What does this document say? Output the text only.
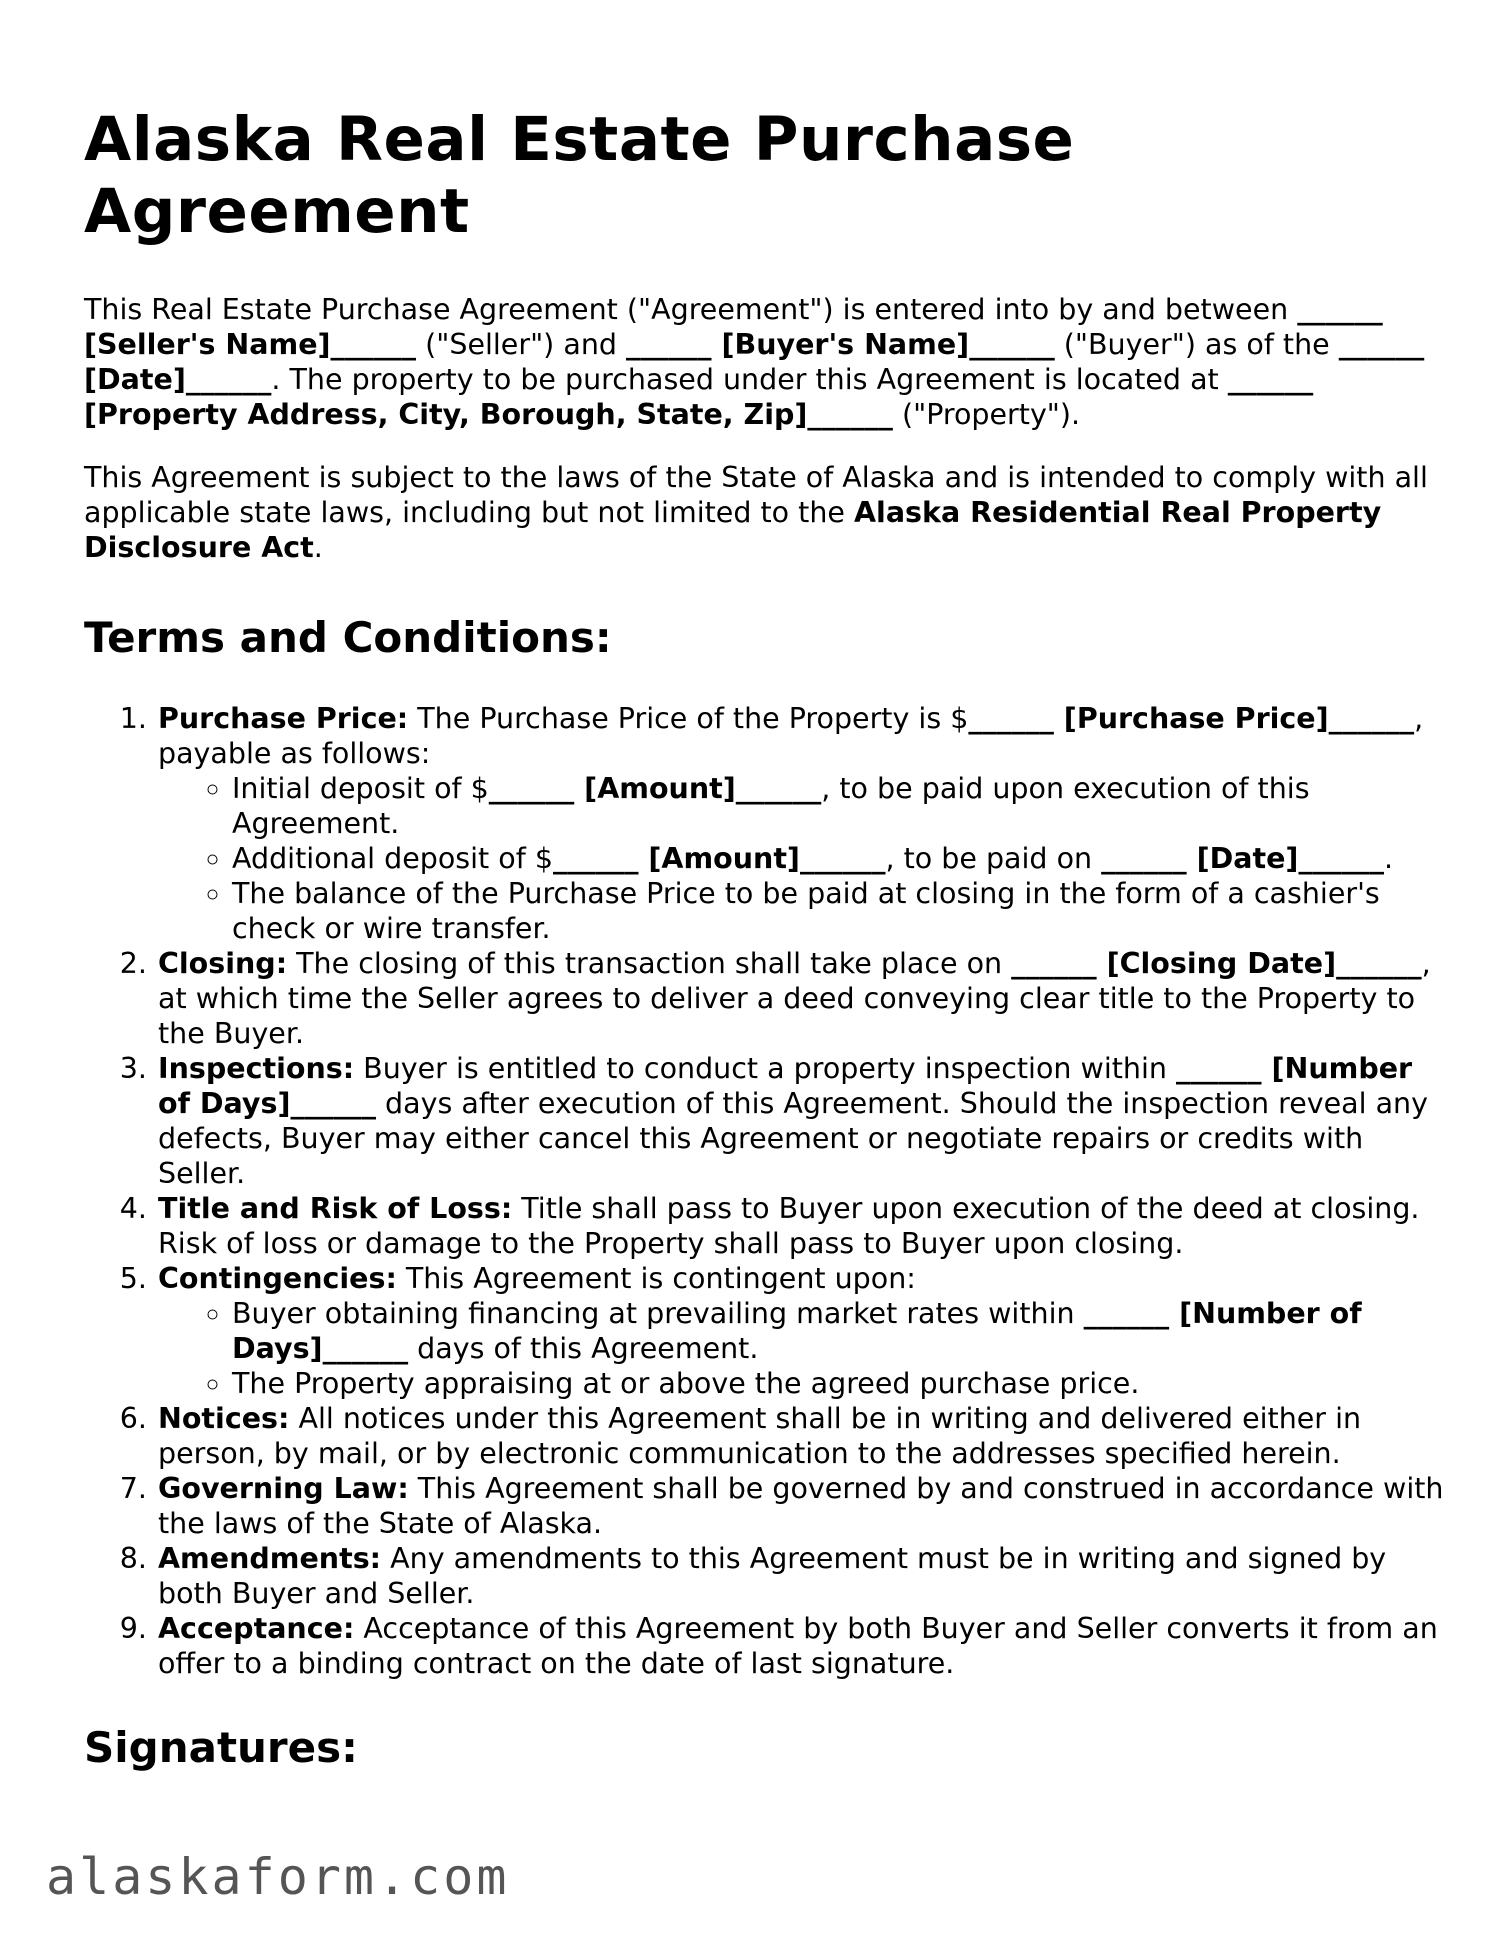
Alaska Real Estate Purchase Agreement

This Real Estate Purchase Agreement ("Agreement") is entered into by and between ______ [Seller's Name]______ ("Seller") and ______ [Buyer's Name]______ ("Buyer") as of the ______ [Date]______. The property to be purchased under this Agreement is located at ______ [Property Address, City, Borough, State, Zip]______ ("Property").

This Agreement is subject to the laws of the State of Alaska and is intended to comply with all applicable state laws, including but not limited to the Alaska Residential Real Property Disclosure Act.

Terms and Conditions:
1. Purchase Price: The Purchase Price of the Property is $______ [Purchase Price]______, payable as follows:
◦ Initial deposit of $______ [Amount]______, to be paid upon execution of this Agreement.
◦ Additional deposit of $______ [Amount]______, to be paid on ______ [Date]______.
◦ The balance of the Purchase Price to be paid at closing in the form of a cashier's check or wire transfer.
2. Closing: The closing of this transaction shall take place on ______ [Closing Date]______, at which time the Seller agrees to deliver a deed conveying clear title to the Property to the Buyer.
3. Inspections: Buyer is entitled to conduct a property inspection within ______ [Number of Days]______ days after execution of this Agreement. Should the inspection reveal any defects, Buyer may either cancel this Agreement or negotiate repairs or credits with Seller.
4. Title and Risk of Loss: Title shall pass to Buyer upon execution of the deed at closing. Risk of loss or damage to the Property shall pass to Buyer upon closing.
5. Contingencies: This Agreement is contingent upon:
◦ Buyer obtaining financing at prevailing market rates within ______ [Number of Days]______ days of this Agreement.
◦ The Property appraising at or above the agreed purchase price.
6. Notices: All notices under this Agreement shall be in writing and delivered either in person, by mail, or by electronic communication to the addresses specified herein.
7. Governing Law: This Agreement shall be governed by and construed in accordance with the laws of the State of Alaska.
8. Amendments: Any amendments to this Agreement must be in writing and signed by both Buyer and Seller.
9. Acceptance: Acceptance of this Agreement by both Buyer and Seller converts it from an offer to a binding contract on the date of last signature.
Signatures:
alaskaform.com
